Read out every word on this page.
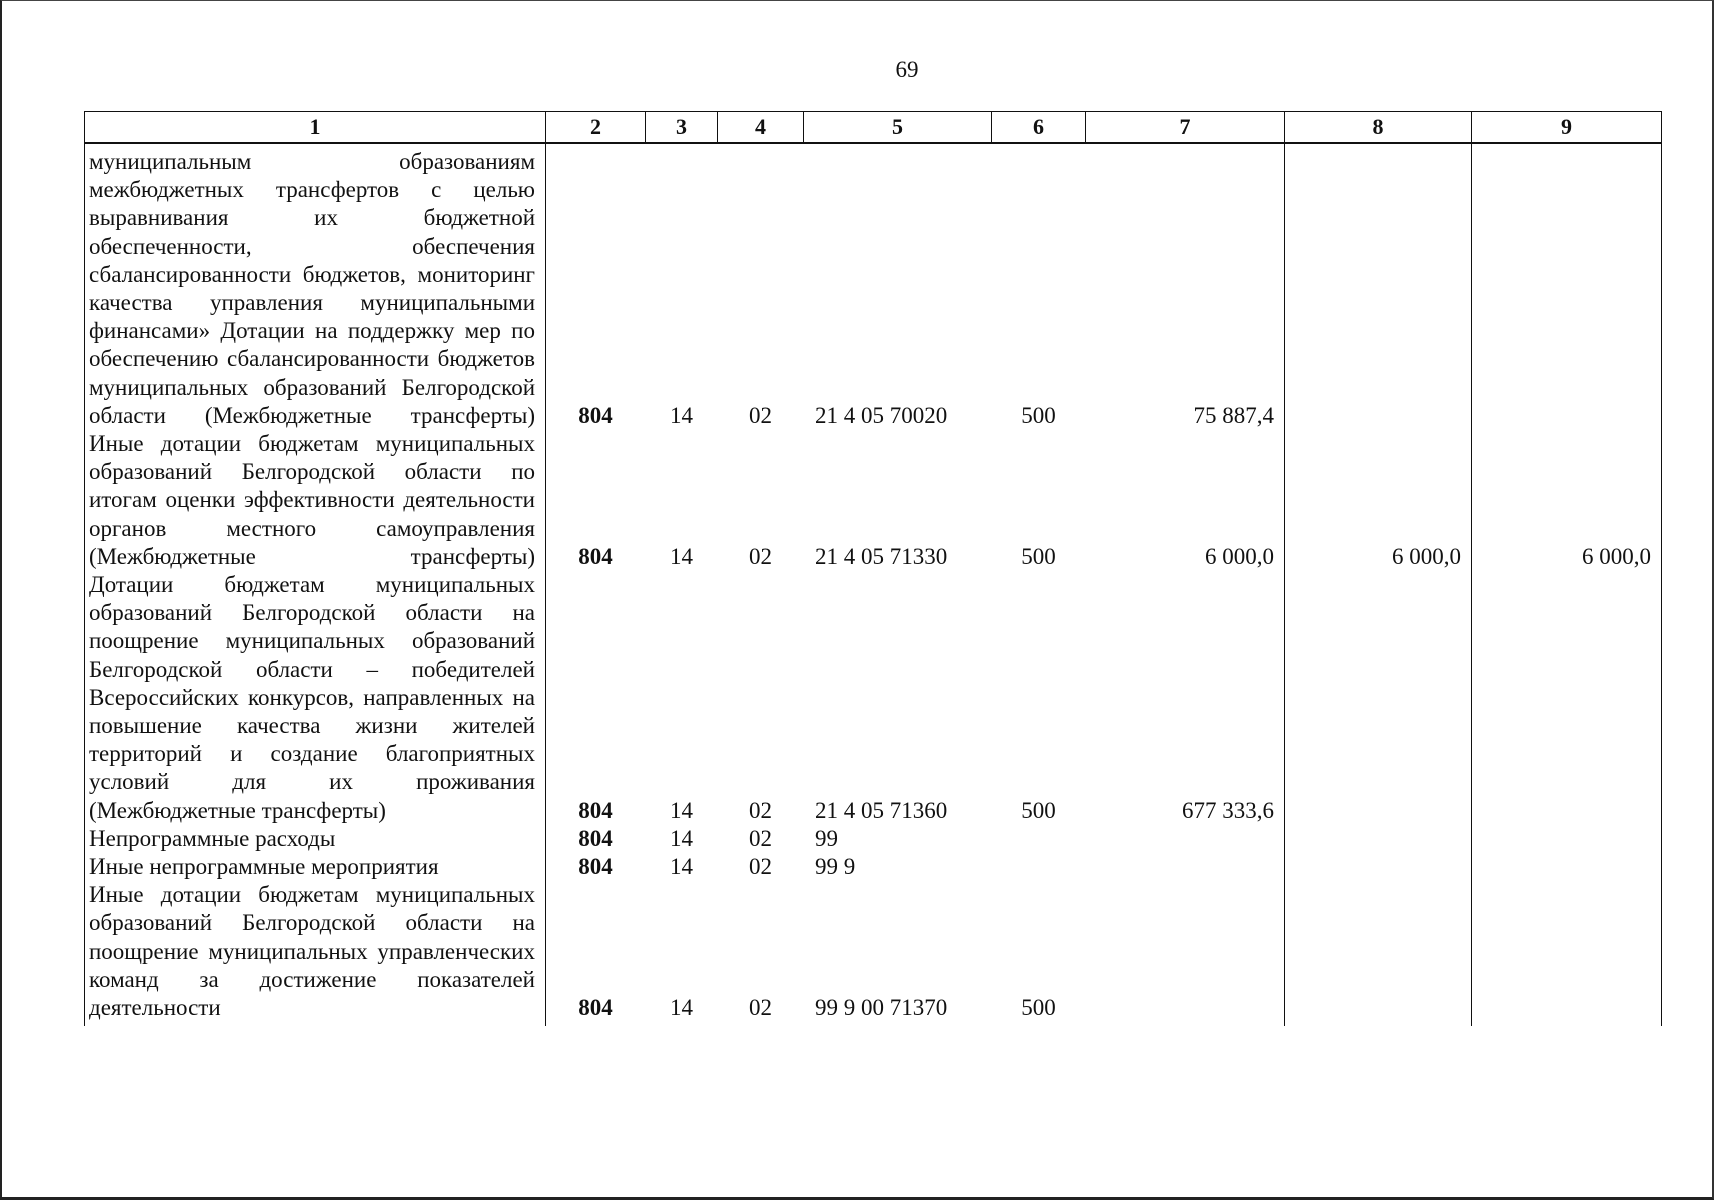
69
1	2	3	4	5	6	7	8	9

муниципальным образованиям межбюджетных трансфертов с целью выравнивания их бюджетной обеспеченности, обеспечения сбалансированности бюджетов, мониторинг качества управления муниципальными финансами» Дотации на поддержку мер по обеспечению сбалансированности бюджетов муниципальных образований Белгородской области (Межбюджетные трансферты)	804	14	02	21 4 05 70020	500	75 887,4		

Иные дотации бюджетам муниципальных образований Белгородской области по итогам оценки эффективности деятельности органов местного самоуправления (Межбюджетные трансферты)	804	14	02	21 4 05 71330	500	6 000,0	6 000,0	6 000,0

Дотации бюджетам муниципальных образований Белгородской области на поощрение муниципальных образований Белгородской области – победителей Всероссийских конкурсов, направленных на повышение качества жизни жителей территорий и создание благоприятных условий для их проживания (Межбюджетные трансферты)	804	14	02	21 4 05 71360	500	677 333,6		

Непрограммные расходы	804	14	02	99				

Иные непрограммные мероприятия	804	14	02	99 9				

Иные дотации бюджетам муниципальных образований Белгородской области на поощрение муниципальных управленческих команд за достижение показателей деятельности	804	14	02	99 9 00 71370	500			
